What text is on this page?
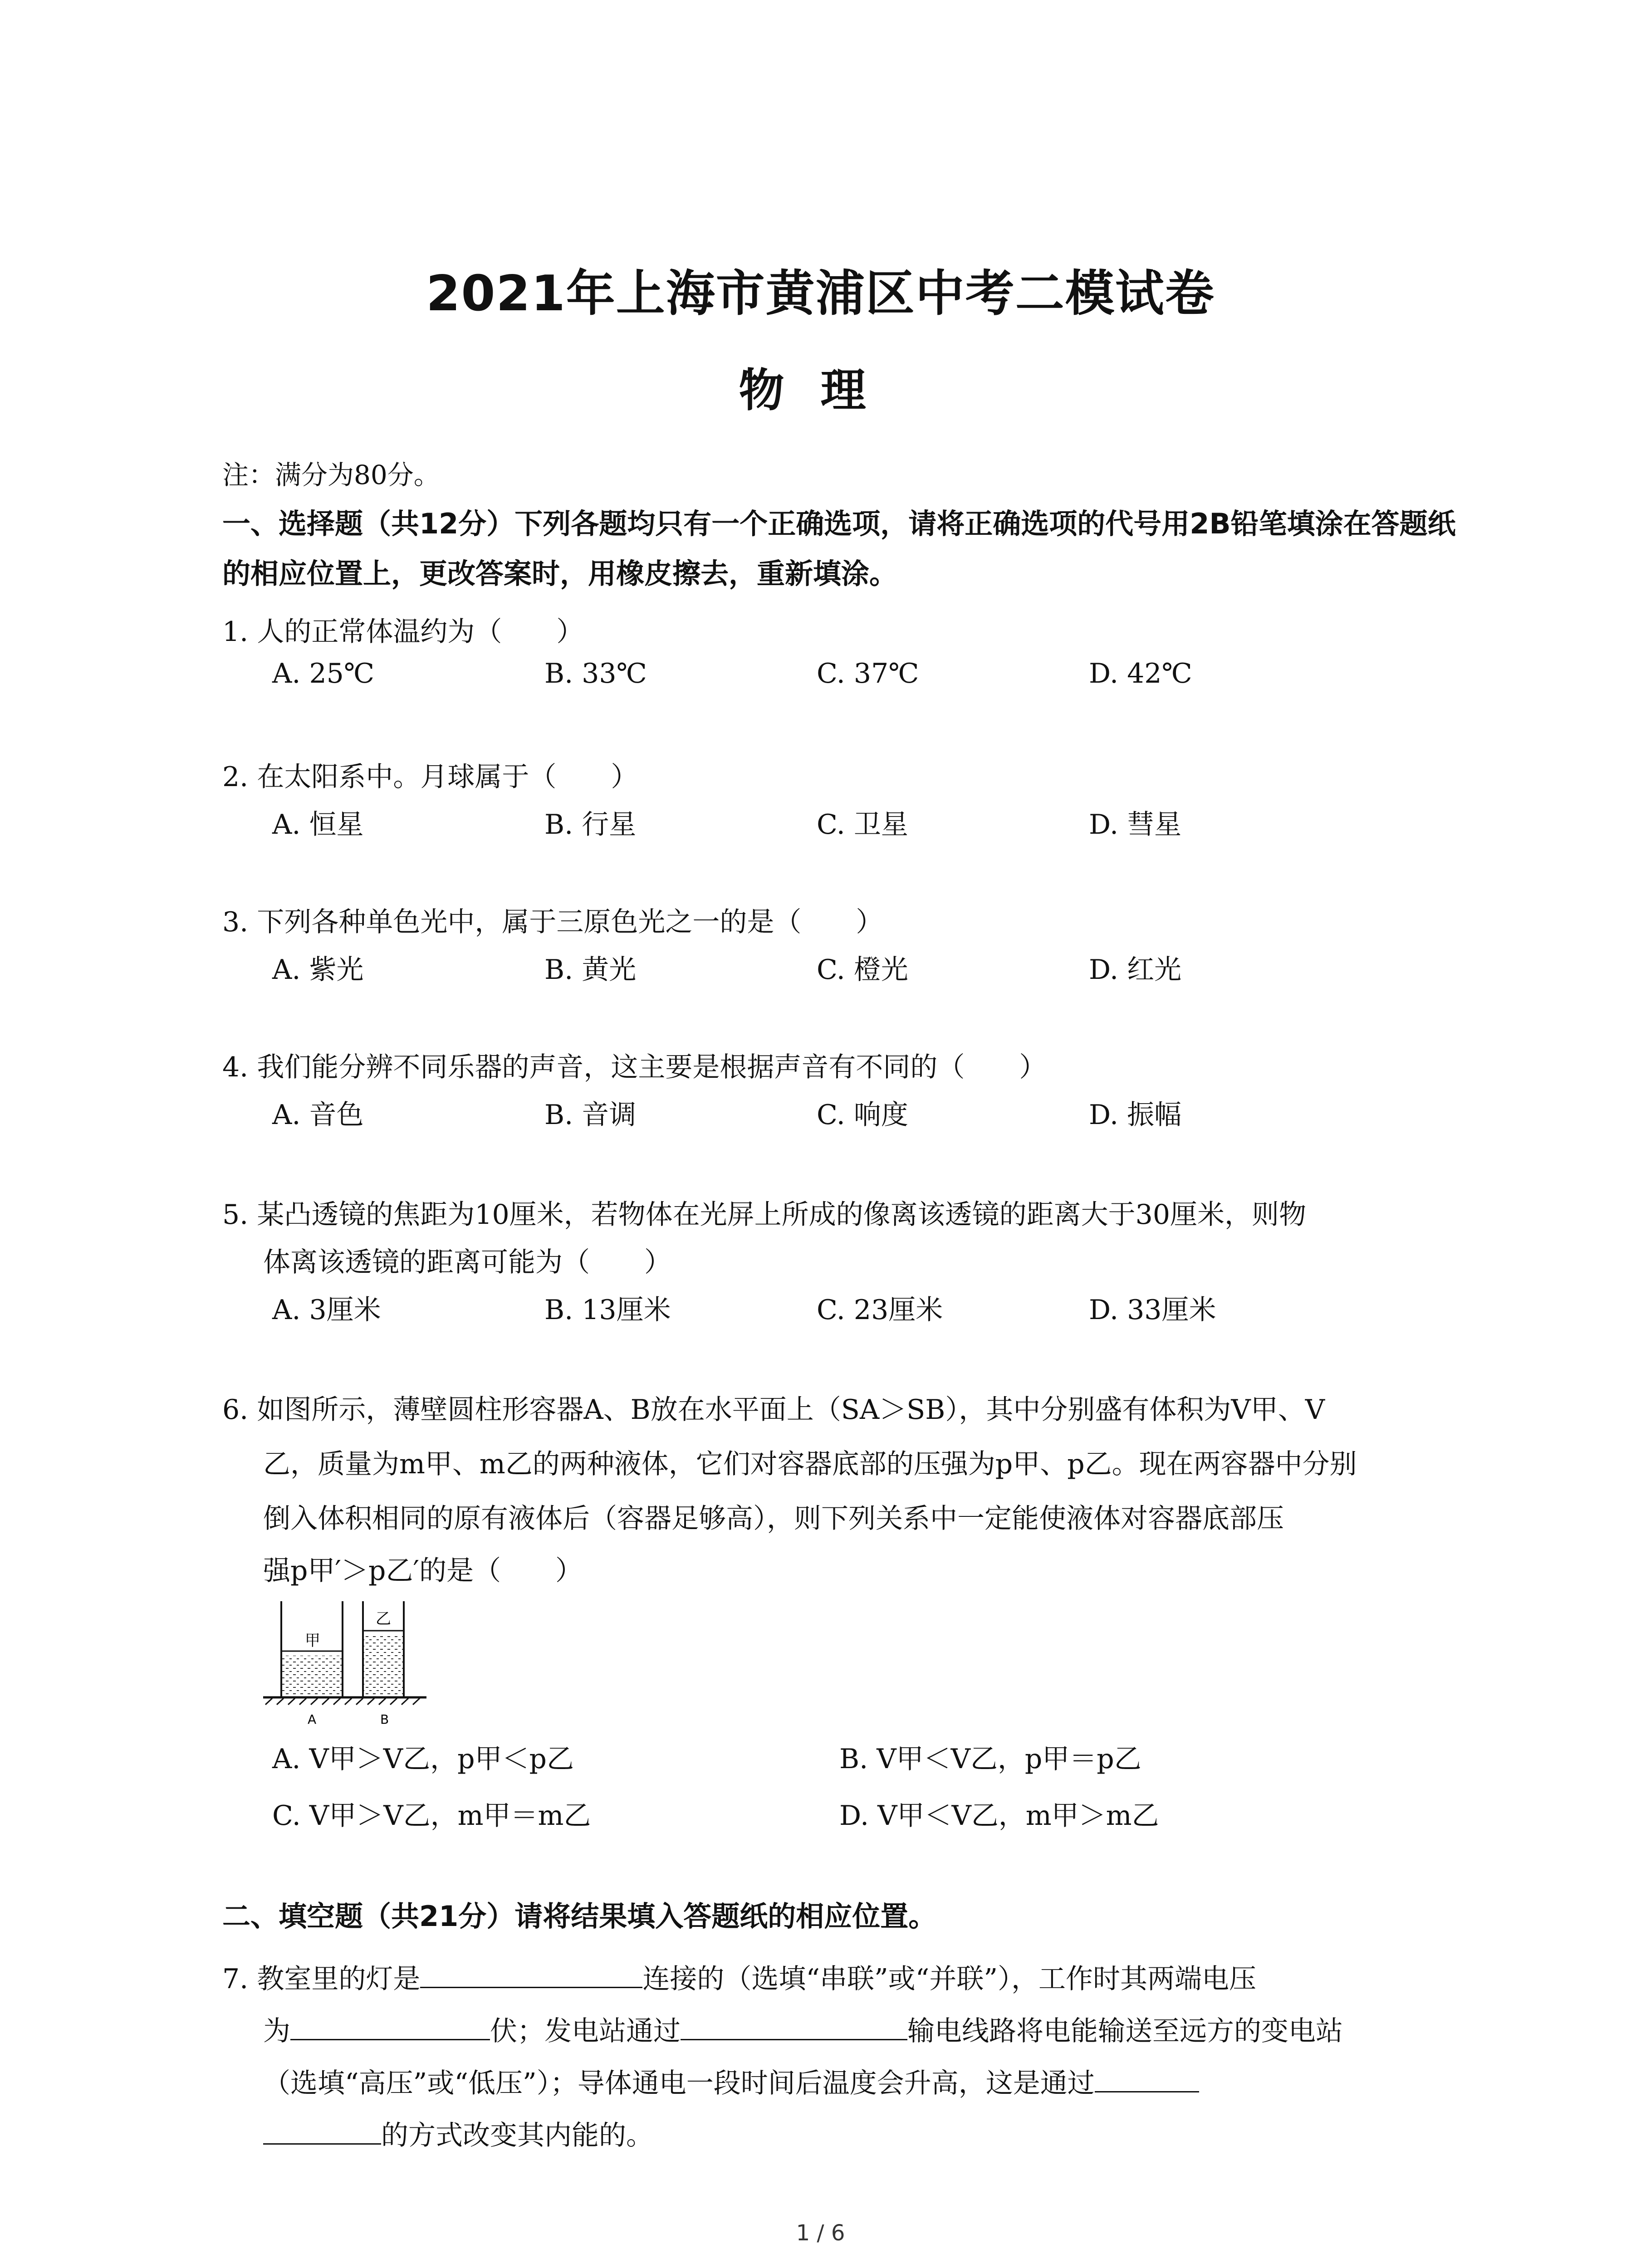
2021年上海市黄浦区中考二模试卷
物理
注：满分为80分。
一、选择题（共12分）下列各题均只有一个正确选项，请将正确选项的代号用2B铅笔填涂在答题纸的相应位置上，更改答案时，用橡皮擦去，重新填涂。
1. 人的正常体温约为（　　）
A. 25℃	B. 33℃	C. 37℃	D. 42℃
2. 在太阳系中。月球属于（　　）
A. 恒星	B. 行星	C. 卫星	D. 彗星
3. 下列各种单色光中，属于三原色光之一的是（　　）
A. 紫光	B. 黄光	C. 橙光	D. 红光
4. 我们能分辨不同乐器的声音，这主要是根据声音有不同的（　　）
A. 音色	B. 音调	C. 响度	D. 振幅
5. 某凸透镜的焦距为10厘米，若物体在光屏上所成的像离该透镜的距离大于30厘米，则物
体离该透镜的距离可能为（　　）
A. 3厘米	B. 13厘米	C. 23厘米	D. 33厘米
6. 如图所示，薄壁圆柱形容器A、B放在水平面上（SA＞SB），其中分别盛有体积为V甲、V
乙，质量为m甲、m乙的两种液体，它们对容器底部的压强为p甲、p乙。现在两容器中分别
倒入体积相同的原有液体后（容器足够高），则下列关系中一定能使液体对容器底部压
强p甲′＞p乙′的是（　　）
甲
乙
A	B
A. V甲＞V乙，p甲＜p乙	B. V甲＜V乙，p甲＝p乙
C. V甲＞V乙，m甲＝m乙	D. V甲＜V乙，m甲＞m乙
二、填空题（共21分）请将结果填入答题纸的相应位置。
7. 教室里的灯是	连接的（选填“串联”或“并联”），工作时其两端电压
为	伏；发电站通过	输电线路将电能输送至远方的变电站
（选填“高压”或“低压”）；导体通电一段时间后温度会升高，这是通过
的方式改变其内能的。
1 / 6
